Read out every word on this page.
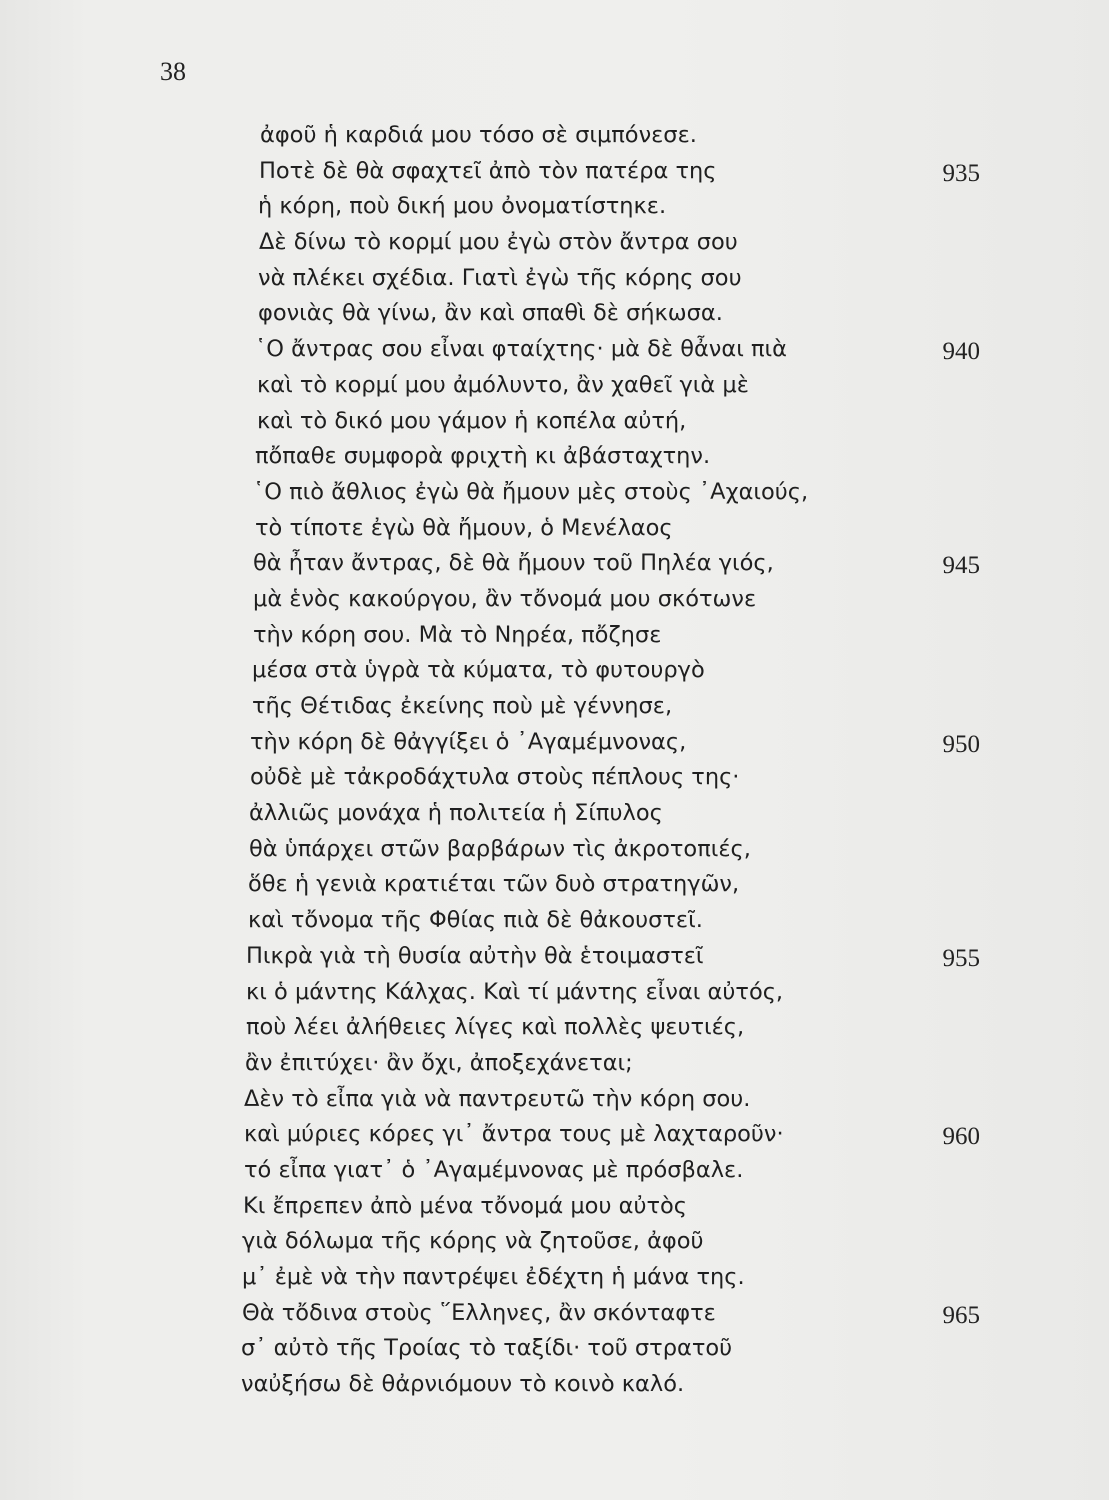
38
ἀφοῦ ἡ καρδιά μου τόσο σὲ σιμπόνεσε.
Ποτὲ δὲ θὰ σφαχτεῖ ἀπὸ τὸν πατέρα της	935
ἡ κόρη, ποὺ δική μου ὀνοματίστηκε.
Δὲ δίνω τὸ κορμί μου ἐγὼ στὸν ἄντρα σου
νὰ πλέκει σχέδια. Γιατὶ ἐγὼ τῆς κόρης σου
φονιὰς θὰ γίνω, ἂν καὶ σπαθὶ δὲ σήκωσα.
῾Ο ἄντρας σου εἶναι φταίχτης· μὰ δὲ θἆναι πιὰ	940
καὶ τὸ κορμί μου ἀμόλυντο, ἂν χαθεῖ γιὰ μὲ
καὶ τὸ δικό μου γάμον ἡ κοπέλα αὐτή,
πὄπαθε συμφορὰ φριχτὴ κι ἀβάσταχτην.
῾Ο πιὸ ἄθλιος ἐγὼ θὰ ἤμουν μὲς στοὺς ᾿Αχαιούς,
τὸ τίποτε ἐγὼ θὰ ἤμουν, ὁ Μενέλαος
θὰ ἦταν ἄντρας, δὲ θὰ ἤμουν τοῦ Πηλέα γιός,	945
μὰ ἑνὸς κακούργου, ἂν τὄνομά μου σκότωνε
τὴν κόρη σου. Μὰ τὸ Νηρέα, πὄζησε
μέσα στὰ ὑγρὰ τὰ κύματα, τὸ φυτουργὸ
τῆς Θέτιδας ἐκείνης ποὺ μὲ γέννησε,
τὴν κόρη δὲ θἀγγίξει ὁ ᾿Αγαμέμνονας,	950
οὐδὲ μὲ τἀκροδάχτυλα στοὺς πέπλους της·
ἀλλιῶς μονάχα ἡ πολιτεία ἡ Σίπυλος
θὰ ὑπάρχει στῶν βαρβάρων τὶς ἀκροτοπιές,
ὅθε ἡ γενιὰ κρατιέται τῶν δυὸ στρατηγῶν,
καὶ τὄνομα τῆς Φθίας πιὰ δὲ θἀκουστεῖ.
Πικρὰ γιὰ τὴ θυσία αὐτὴν θὰ ἑτοιμαστεῖ	955
κι ὁ μάντης Κάλχας. Καὶ τί μάντης εἶναι αὐτός,
ποὺ λέει ἀλήθειες λίγες καὶ πολλὲς ψευτιές,
ἂν ἐπιτύχει· ἂν ὄχι, ἀποξεχάνεται;
Δὲν τὸ εἶπα γιὰ νὰ παντρευτῶ τὴν κόρη σου.
καὶ μύριες κόρες γι᾿ ἄντρα τους μὲ λαχταροῦν·	960
τό εἶπα γιατ᾿ ὁ ᾿Αγαμέμνονας μὲ πρόσβαλε.
Κι ἔπρεπεν ἀπὸ μένα τὄνομά μου αὐτὸς
γιὰ δόλωμα τῆς κόρης νὰ ζητοῦσε, ἀφοῦ
μ᾿ ἐμὲ νὰ τὴν παντρέψει ἐδέχτη ἡ μάνα της.
Θὰ τὄδινα στοὺς ῞Ελληνες, ἂν σκόνταφτε	965
σ᾿ αὐτὸ τῆς Τροίας τὸ ταξίδι· τοῦ στρατοῦ
ναὐξήσω δὲ θἀρνιόμουν τὸ κοινὸ καλό.
